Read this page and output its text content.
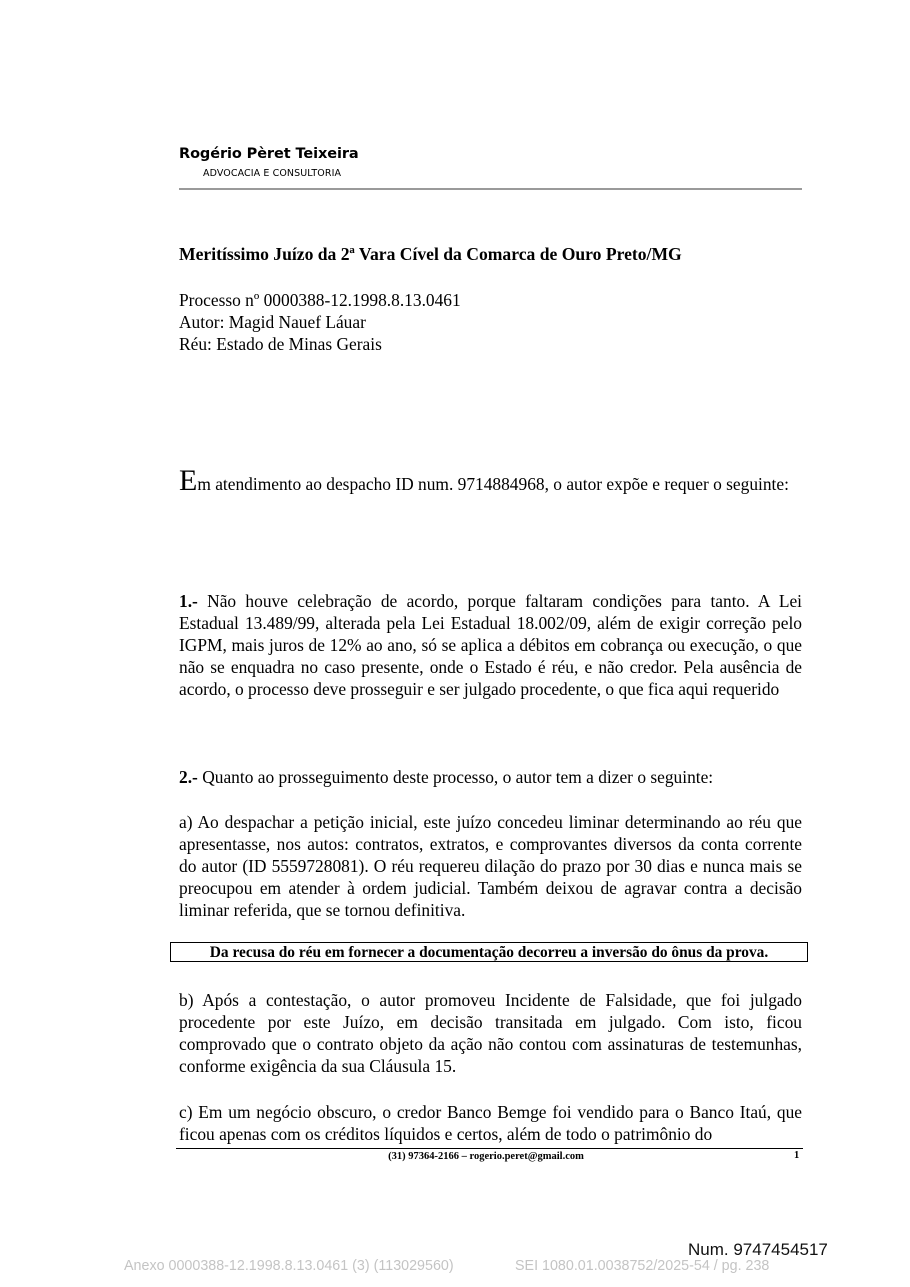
Rogério Pèret Teixeira
ADVOCACIA E CONSULTORIA
Meritíssimo Juízo da 2ª Vara Cível da Comarca de Ouro Preto/MG
Processo nº 0000388-12.1998.8.13.0461
Autor: Magid Nauef Láuar
Réu: Estado de Minas Gerais
Em atendimento ao despacho ID num. 9714884968, o autor expõe e requer o seguinte:
1.- Não houve celebração de acordo, porque faltaram condições para tanto. A Lei Estadual 13.489/99, alterada pela Lei Estadual 18.002/09, além de exigir correção pelo IGPM, mais juros de 12% ao ano, só se aplica a débitos em cobrança ou execução, o que não se enquadra no caso presente, onde o Estado é réu, e não credor. Pela ausência de acordo, o processo deve prosseguir e ser julgado procedente, o que fica aqui requerido
2.- Quanto ao prosseguimento deste processo, o autor tem a dizer o seguinte:
a) Ao despachar a petição inicial, este juízo concedeu liminar determinando ao réu que apresentasse, nos autos: contratos, extratos, e comprovantes diversos da conta corrente do autor (ID 5559728081). O réu requereu dilação do prazo por 30 dias e nunca mais se preocupou em atender à ordem judicial. Também deixou de agravar contra a decisão liminar referida, que se tornou definitiva.
Da recusa do réu em fornecer a documentação decorreu a inversão do ônus da prova.
b) Após a contestação, o autor promoveu Incidente de Falsidade, que foi julgado procedente por este Juízo, em decisão transitada em julgado. Com isto, ficou comprovado que o contrato objeto da ação não contou com assinaturas de testemunhas, conforme exigência da sua Cláusula 15.
c) Em um negócio obscuro, o credor Banco Bemge foi vendido para o Banco Itaú, que ficou apenas com os créditos líquidos e certos, além de todo o patrimônio do
(31) 97364-2166 – rogerio.peret@gmail.com	1
Num. 9747454517
Anexo 0000388-12.1998.8.13.0461 (3) (113029560)	SEI 1080.01.0038752/2025-54 / pg. 238
